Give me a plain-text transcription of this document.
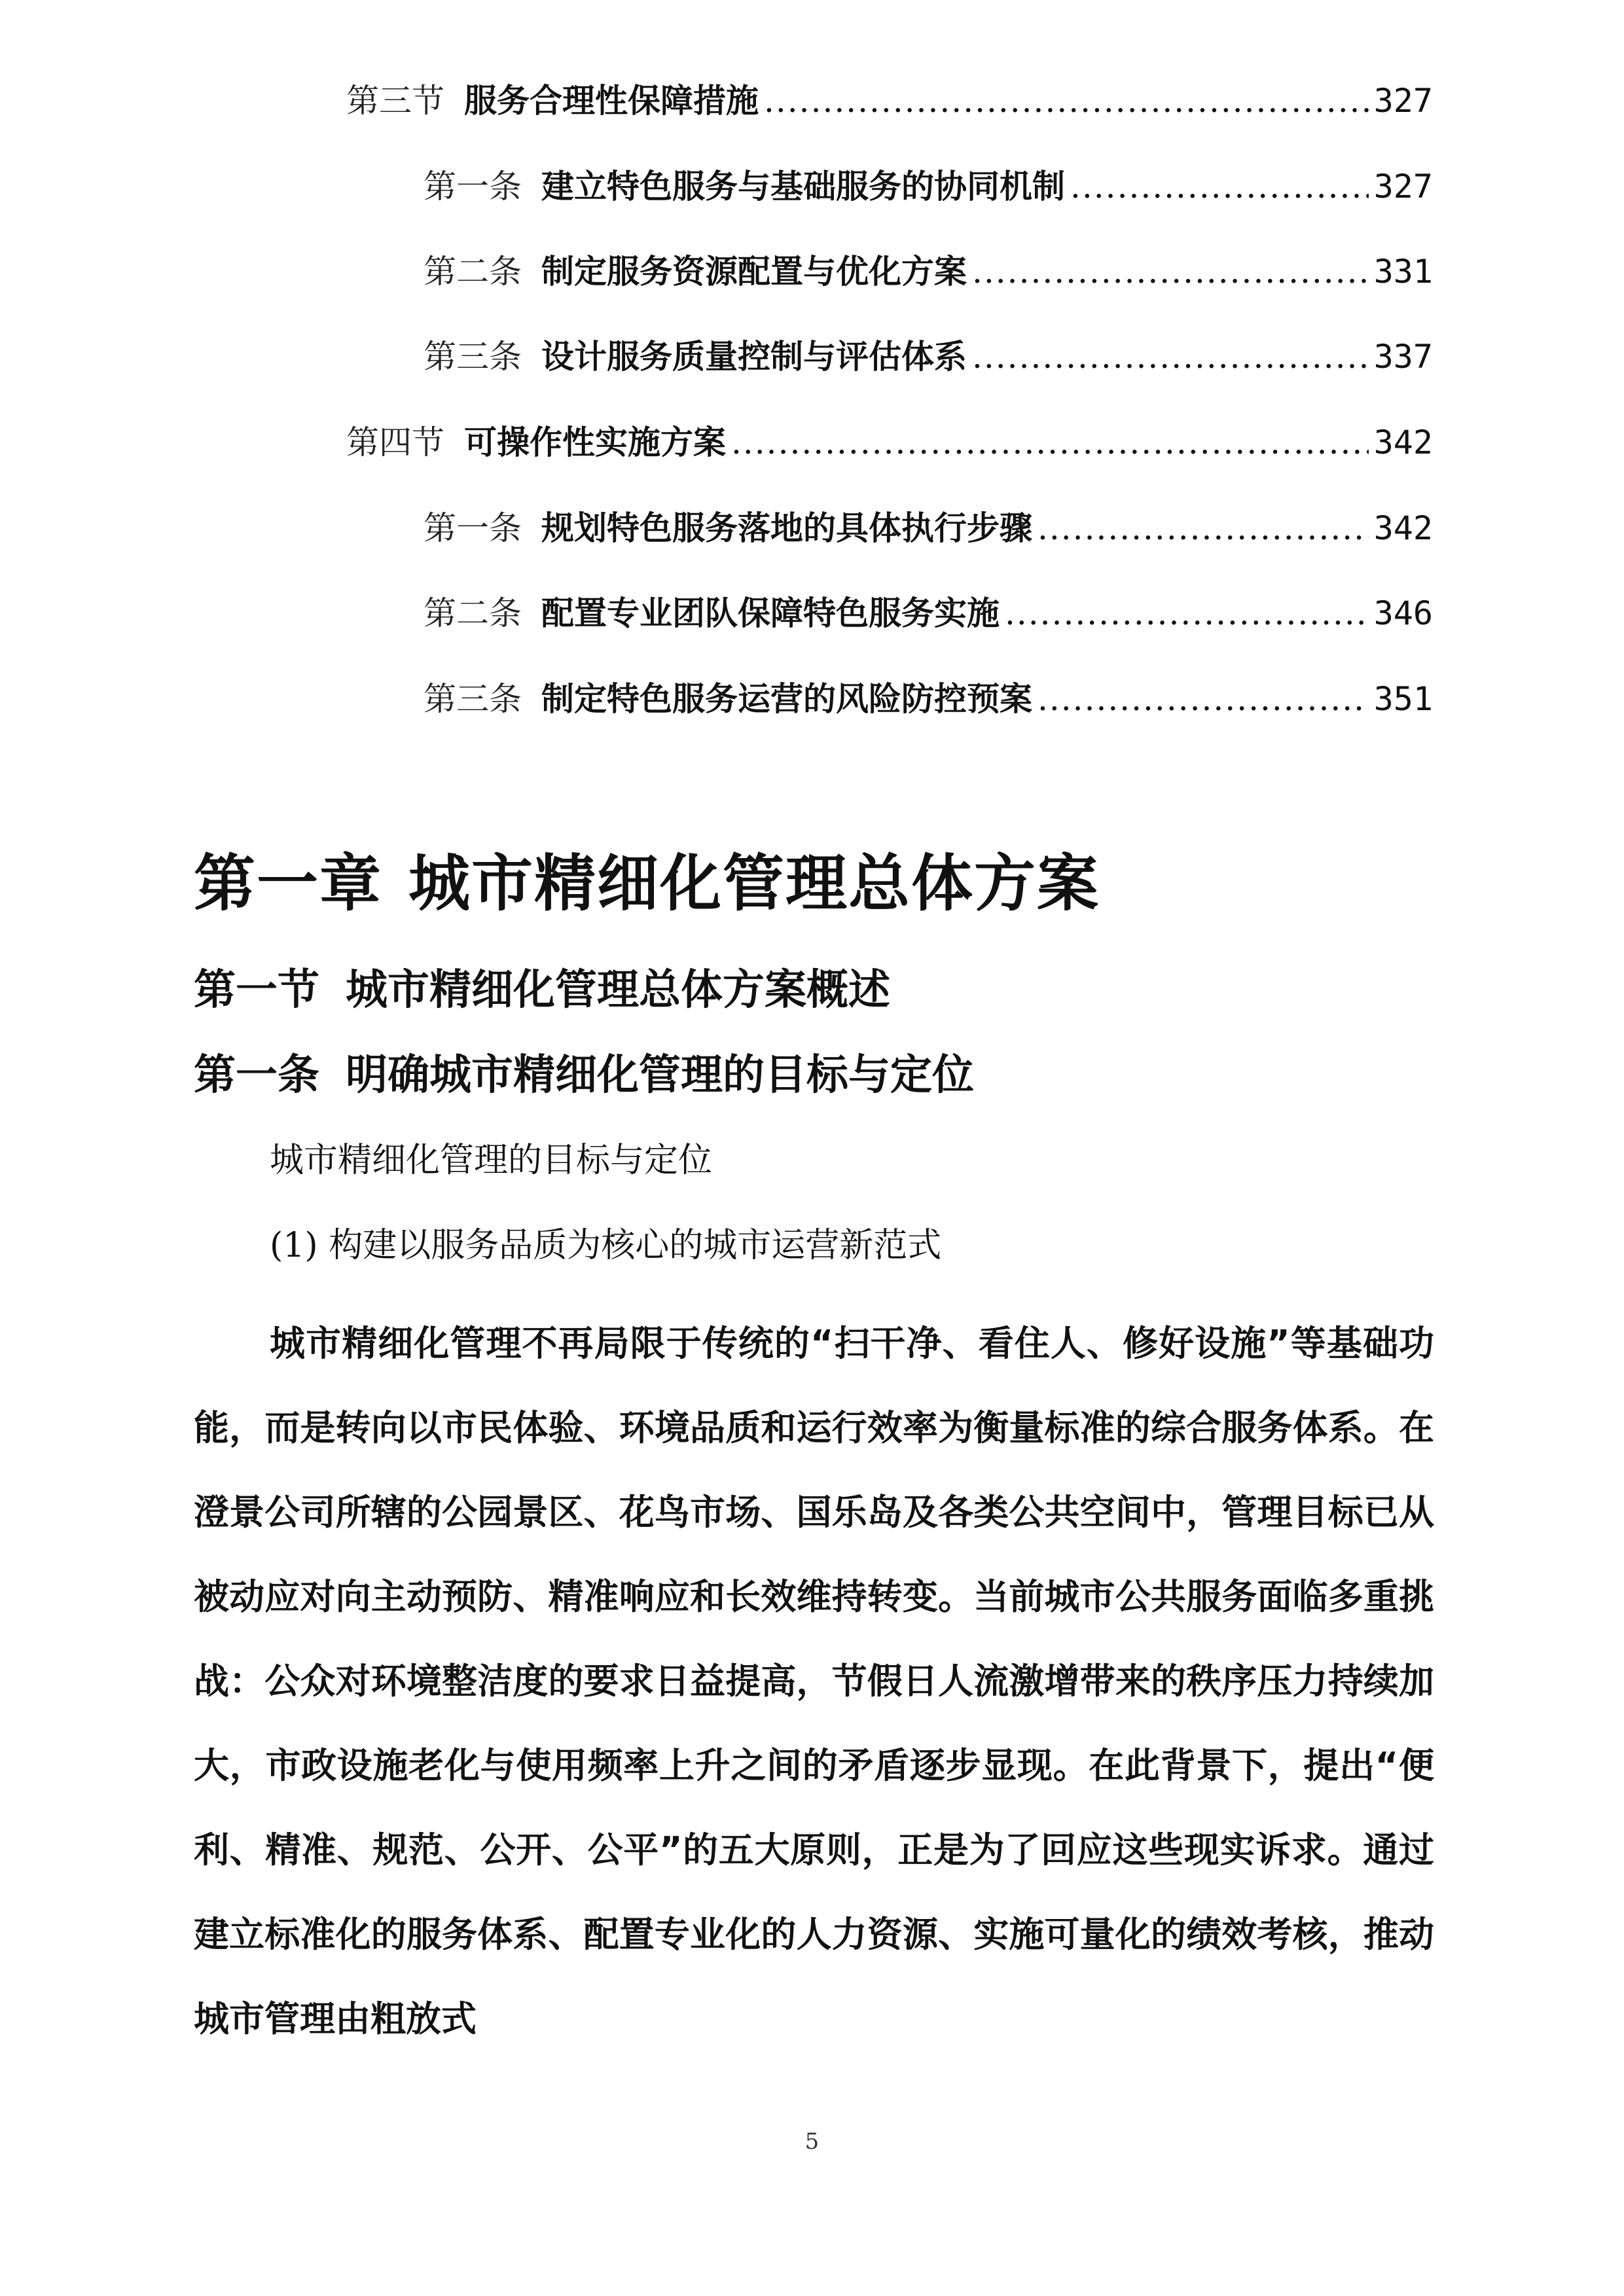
第三节 服务合理性保障措施 .....	327
第一条 建立特色服务与基础服务的协同机制 .....	327
第二条 制定服务资源配置与优化方案 .....	331
第三条 设计服务质量控制与评估体系 .....	337
第四节 可操作性实施方案 .....	342
第一条 规划特色服务落地的具体执行步骤 .....	342
第二条 配置专业团队保障特色服务实施 .....	346
第三条 制定特色服务运营的风险防控预案 .....	351
第一章 城市精细化管理总体方案
第一节 城市精细化管理总体方案概述
第一条 明确城市精细化管理的目标与定位
城市精细化管理的目标与定位
(1) 构建以服务品质为核心的城市运营新范式

城市精细化管理不再局限于传统的“扫干净、看住人、修好设施”等基础功能，而是转向以市民体验、环境品质和运行效率为衡量标准的综合服务体系。在澄景公司所辖的公园景区、花鸟市场、国乐岛及各类公共空间中，管理目标已从被动应对向主动预防、精准响应和长效维持转变。当前城市公共服务面临多重挑战：公众对环境整洁度的要求日益提高，节假日人流激增带来的秩序压力持续加大，市政设施老化与使用频率上升之间的矛盾逐步显现。在此背景下，提出“便利、精准、规范、公开、公平”的五大原则，正是为了回应这些现实诉求。通过建立标准化的服务体系、配置专业化的人力资源、实施可量化的绩效考核，推动城市管理由粗放式

5
